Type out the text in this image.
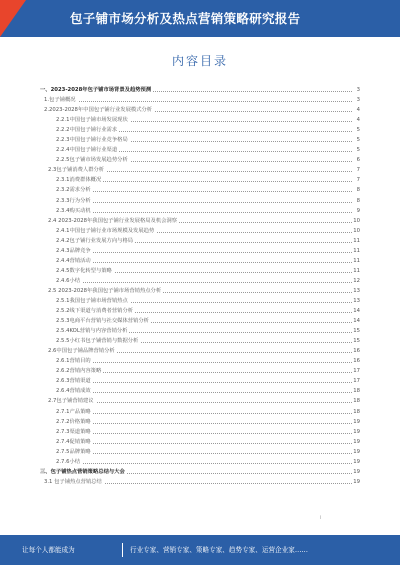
包子铺市场分析及热点营销策略研究报告
内容目录
一、2023-2028年包子铺市场背景及趋势预测	3
1.包子铺概况	3
2.2023-2028年中国包子铺行业发展模式分析	4
2.2.1中国包子铺市场发展现状	4
2.2.2中国包子铺行业需求	5
2.2.3中国包子铺行业竞争格局	5
2.2.4中国包子铺行业渠道	5
2.2.5包子铺市场发展趋势分析	6
2.3包子铺消费人群分析	7
2.3.1消费群体概况	7
2.3.2需求分析	8
2.3.3行为分析	8
2.3.4购买动机	9
2.4 2023-2028年我国包子铺行业发展格局及机会洞察	10
2.4.1中国包子铺行业市场规模及发展趋势	10
2.4.2包子铺行业发展方向与格局	11
2.4.3品牌竞争	11
2.4.4营销活动	11
2.4.5数字化转型与策略	11
2.4.6小结	12
2.5 2023-2028年我国包子铺市场营销热点分析	13
2.5.1我国包子铺市场营销热点	13
2.5.2线下渠道与消费者营销分析	14
2.5.3电商平台营销与社交媒体营销分析	14
2.5.4KOL营销与内容营销分析	15
2.5.5小红书包子铺营销与数据分析	15
2.6中国包子铺品牌营销分析	16
2.6.1营销目的	16
2.6.2营销内容策略	17
2.6.3营销渠道	17
2.6.4营销成效	18
2.7包子铺营销建议	18
2.7.1产品策略	18
2.7.2价格策略	19
2.7.3渠道策略	19
2.7.4促销策略	19
2.7.5品牌策略	19
2.7.6小结	19
三、包子铺热点营销策略总结与大会	19
3.1 包子铺热点营销总结	19
i
让每个人都能成为	行业专家、营销专家、策略专家、趋势专家、运营企业家……
